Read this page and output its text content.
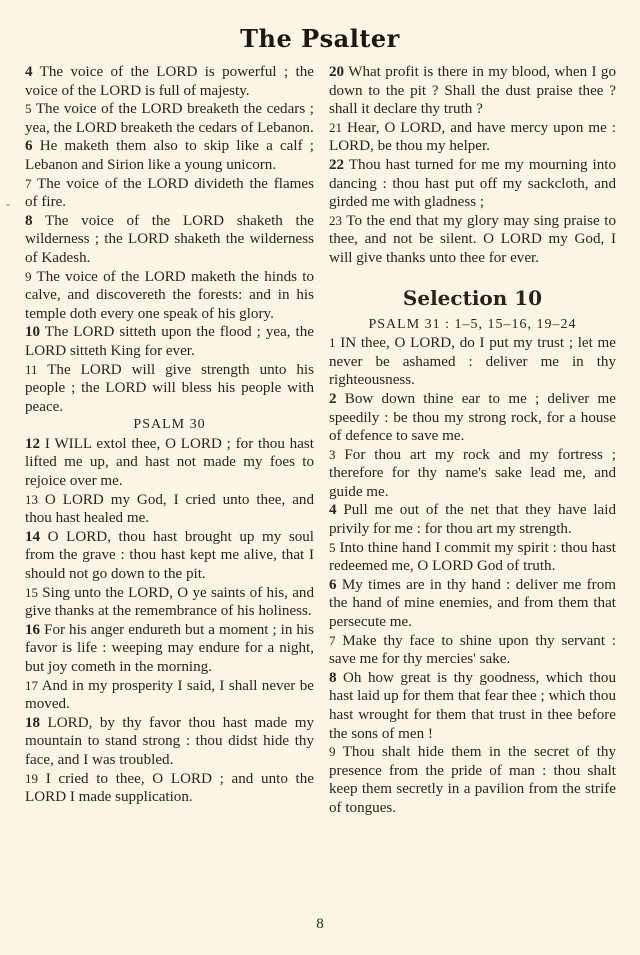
The Psalter
-

4 The voice of the LORD is powerful ; the voice of the LORD is full of majesty.

5 The voice of the LORD breaketh the cedars ; yea, the LORD breaketh the cedars of Lebanon.

6 He maketh them also to skip like a calf ; Lebanon and Sirion like a young unicorn.

7 The voice of the LORD divideth the flames of fire.

8 The voice of the LORD shaketh the wilderness ; the LORD shaketh the wilderness of Kadesh.

9 The voice of the LORD maketh the hinds to calve, and discovereth the forests: and in his temple doth every one speak of his glory.

10 The LORD sitteth upon the flood ; yea, the LORD sitteth King for ever.

11 The LORD will give strength unto his people ; the LORD will bless his people with peace.

PSALM 30

12 I WILL extol thee, O LORD ; for thou hast lifted me up, and hast not made my foes to rejoice over me.

13 O LORD my God, I cried unto thee, and thou hast healed me.

14 O LORD, thou hast brought up my soul from the grave : thou hast kept me alive, that I should not go down to the pit.

15 Sing unto the LORD, O ye saints of his, and give thanks at the remembrance of his holiness.

16 For his anger endureth but a moment ; in his favor is life : weeping may endure for a night, but joy cometh in the morning.

17 And in my prosperity I said, I shall never be moved.

18 LORD, by thy favor thou hast made my mountain to stand strong : thou didst hide thy face, and I was troubled.

19 I cried to thee, O LORD ; and unto the LORD I made supplication.

20 What profit is there in my blood, when I go down to the pit ? Shall the dust praise thee ? shall it declare thy truth ?

21 Hear, O LORD, and have mercy upon me : LORD, be thou my helper.

22 Thou hast turned for me my mourning into dancing : thou hast put off my sackcloth, and girded me with gladness ;

23 To the end that my glory may sing praise to thee, and not be silent. O LORD my God, I will give thanks unto thee for ever.

Selection 10

PSALM 31 : 1–5, 15–16, 19–24

1 IN thee, O LORD, do I put my trust ; let me never be ashamed : deliver me in thy righteousness.

2 Bow down thine ear to me ; deliver me speedily : be thou my strong rock, for a house of defence to save me.

3 For thou art my rock and my fortress ; therefore for thy name's sake lead me, and guide me.

4 Pull me out of the net that they have laid privily for me : for thou art my strength.

5 Into thine hand I commit my spirit : thou hast redeemed me, O LORD God of truth.

6 My times are in thy hand : deliver me from the hand of mine enemies, and from them that persecute me.

7 Make thy face to shine upon thy servant : save me for thy mercies' sake.

8 Oh how great is thy goodness, which thou hast laid up for them that fear thee ; which thou hast wrought for them that trust in thee before the sons of men !

9 Thou shalt hide them in the secret of thy presence from the pride of man : thou shalt keep them secretly in a pavilion from the strife of tongues.

8
